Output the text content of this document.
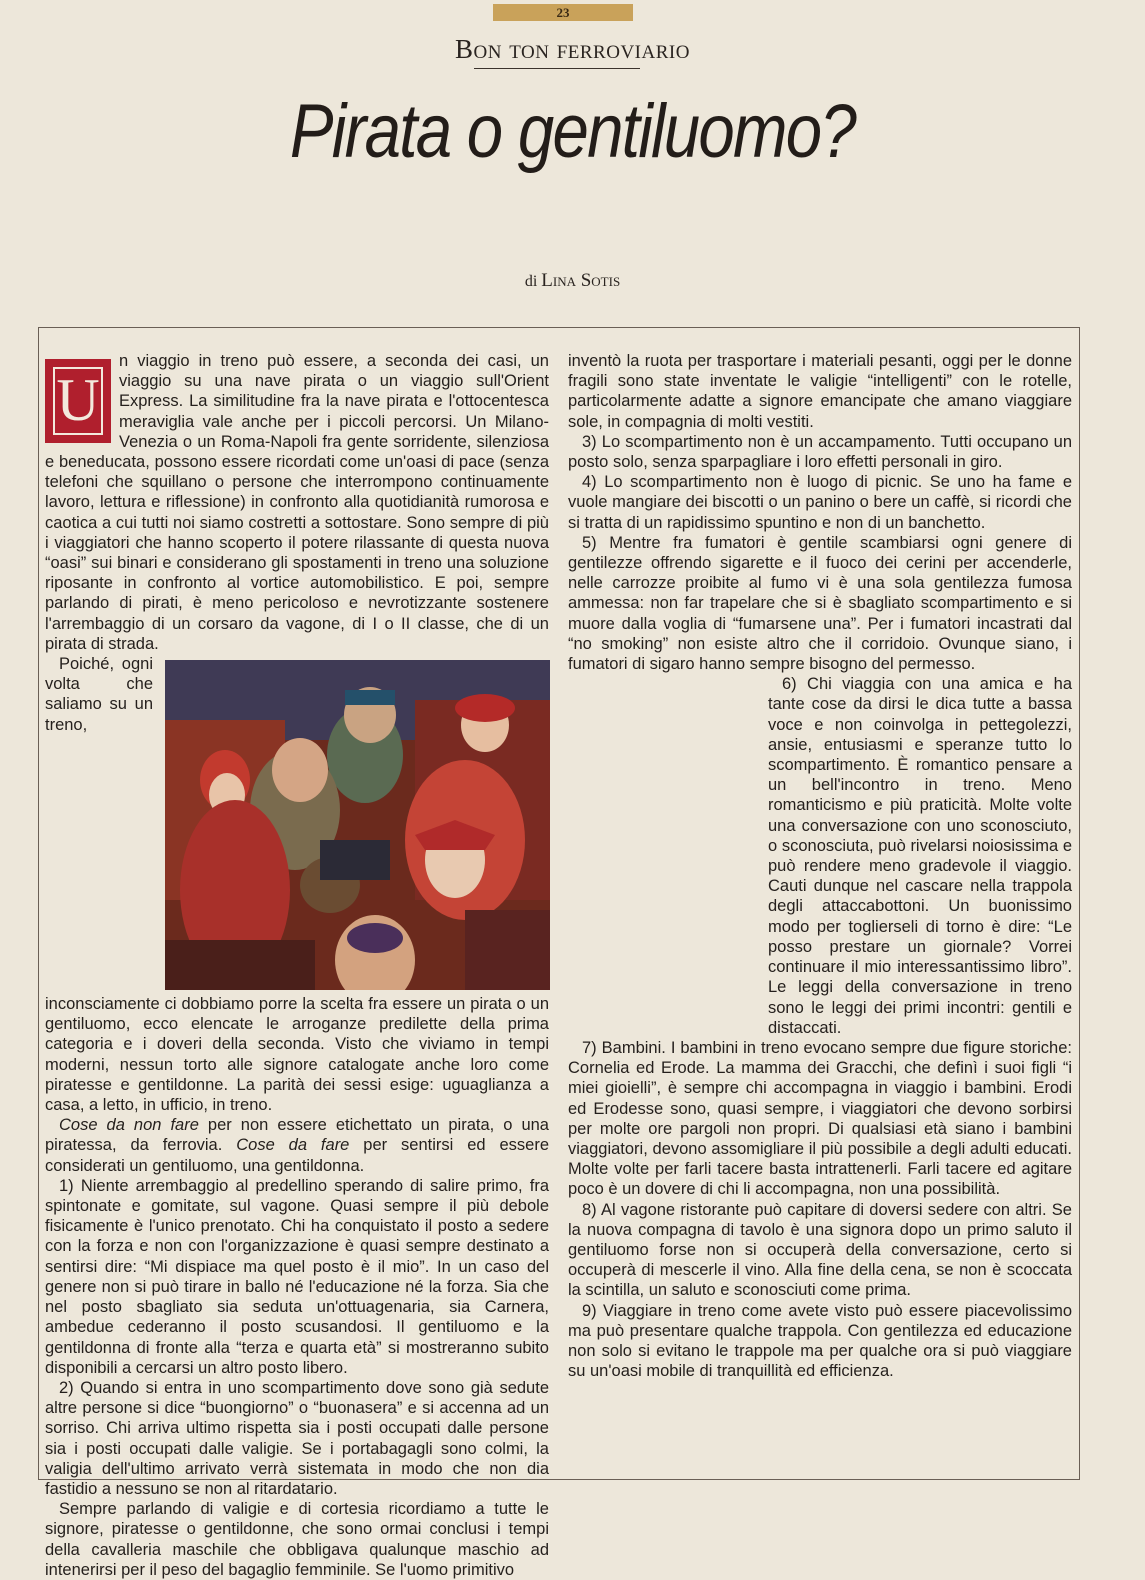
23
Bon ton ferroviario
Pirata o gentiluomo?
di Lina Sotis
U

n viaggio in treno può essere, a seconda dei casi, un viaggio su una nave pirata o un viaggio sull'Orient Express. La similitudine fra la nave pirata e l'ottocentesca meraviglia vale anche per i piccoli percorsi. Un Milano-Venezia o un Roma-Napoli fra gente sorridente, silenziosa e beneducata, possono essere ricordati come un'oasi di pace (senza telefoni che squillano o persone che interrompono continuamente lavoro, lettura e riflessione) in confronto alla quotidianità rumorosa e caotica a cui tutti noi siamo costretti a sottostare. Sono sempre di più i viaggiatori che hanno scoperto il potere rilassante di questa nuova “oasi” sui binari e considerano gli spostamenti in treno una soluzione riposante in confronto al vortice automobilistico. E poi, sempre parlando di pirati, è meno pericoloso e nevrotizzante sostenere l'arrembaggio di un corsaro da vagone, di I o II classe, che di un pirata di strada.

Poiché, ogni volta che saliamo su un treno, inconsciamente ci dobbiamo porre la scelta fra essere un pirata o un gentiluomo, ecco elencate le arroganze predilette della prima categoria e i doveri della seconda. Visto che viviamo in tempi moderni, nessun torto alle signore catalogate anche loro come piratesse e gentildonne. La parità dei sessi esige: uguaglianza a casa, a letto, in ufficio, in treno.

Cose da non fare per non essere etichettato un pirata, o una piratessa, da ferrovia. Cose da fare per sentirsi ed essere considerati un gentiluomo, una gentildonna.

1) Niente arrembaggio al predellino sperando di salire primo, fra spintonate e gomitate, sul vagone. Quasi sempre il più debole fisicamente è l'unico prenotato. Chi ha conquistato il posto a sedere con la forza e non con l'organizzazione è quasi sempre destinato a sentirsi dire: “Mi dispiace ma quel posto è il mio”. In un caso del genere non si può tirare in ballo né l'educazione né la forza. Sia che nel posto sbagliato sia seduta un'ottuagenaria, sia Carnera, ambedue cederanno il posto scusandosi. Il gentiluomo e la gentildonna di fronte alla “terza e quarta età” si mostreranno subito disponibili a cercarsi un altro posto libero.

2) Quando si entra in uno scompartimento dove sono già sedute altre persone si dice “buongiorno” o “buonasera” e si accenna ad un sorriso. Chi arriva ultimo rispetta sia i posti occupati dalle persone sia i posti occupati dalle valigie. Se i portabagagli sono colmi, la valigia dell'ultimo arrivato verrà sistemata in modo che non dia fastidio a nessuno se non al ritardatario.

Sempre parlando di valigie e di cortesia ricordiamo a tutte le signore, piratesse o gentildonne, che sono ormai conclusi i tempi della cavalleria maschile che obbligava qualunque maschio ad intenerirsi per il peso del bagaglio femminile. Se l'uomo primitivo

inventò la ruota per trasportare i materiali pesanti, oggi per le donne fragili sono state inventate le valigie “intelligenti” con le rotelle, particolarmente adatte a signore emancipate che amano viaggiare sole, in compagnia di molti vestiti.

3) Lo scompartimento non è un accampamento. Tutti occupano un posto solo, senza sparpagliare i loro effetti personali in giro.

4) Lo scompartimento non è luogo di picnic. Se uno ha fame e vuole mangiare dei biscotti o un panino o bere un caffè, si ricordi che si tratta di un rapidissimo spuntino e non di un banchetto.

5) Mentre fra fumatori è gentile scambiarsi ogni genere di gentilezze offrendo sigarette e il fuoco dei cerini per accenderle, nelle carrozze proibite al fumo vi è una sola gentilezza fumosa ammessa: non far trapelare che si è sbagliato scompartimento e si muore dalla voglia di “fumarsene una”. Per i fumatori incastrati dal “no smoking” non esiste altro che il corridoio. Ovunque siano, i fumatori di sigaro hanno sempre bisogno del permesso.

6) Chi viaggia con una amica e ha tante cose da dirsi le dica tutte a bassa voce e non coinvolga in pettegolezzi, ansie, entusiasmi e speranze tutto lo scompartimento. È romantico pensare a un bell'incontro in treno. Meno romanticismo e più praticità. Molte volte una conversazione con uno sconosciuto, o sconosciuta, può rivelarsi noiosissima e può rendere meno gradevole il viaggio. Cauti dunque nel cascare nella trappola degli attaccabottoni. Un buonissimo modo per toglierseli di torno è dire: “Le posso prestare un giornale? Vorrei continuare il mio interessantissimo libro”. Le leggi della conversazione in treno sono le leggi dei primi incontri: gentili e distaccati.

7) Bambini. I bambini in treno evocano sempre due figure storiche: Cornelia ed Erode. La mamma dei Gracchi, che definì i suoi figli “i miei gioielli”, è sempre chi accompagna in viaggio i bambini. Erodi ed Erodesse sono, quasi sempre, i viaggiatori che devono sorbirsi per molte ore pargoli non propri. Di qualsiasi età siano i bambini viaggiatori, devono assomigliare il più possibile a degli adulti educati. Molte volte per farli tacere basta intrattenerli. Farli tacere ed agitare poco è un dovere di chi li accompagna, non una possibilità.

8) Al vagone ristorante può capitare di doversi sedere con altri. Se la nuova compagna di tavolo è una signora dopo un primo saluto il gentiluomo forse non si occuperà della conversazione, certo si occuperà di mescerle il vino. Alla fine della cena, se non è scoccata la scintilla, un saluto e sconosciuti come prima.

9) Viaggiare in treno come avete visto può essere piacevolissimo ma può presentare qualche trappola. Con gentilezza ed educazione non solo si evitano le trappole ma per qualche ora si può viaggiare su un'oasi mobile di tranquillità ed efficienza.
